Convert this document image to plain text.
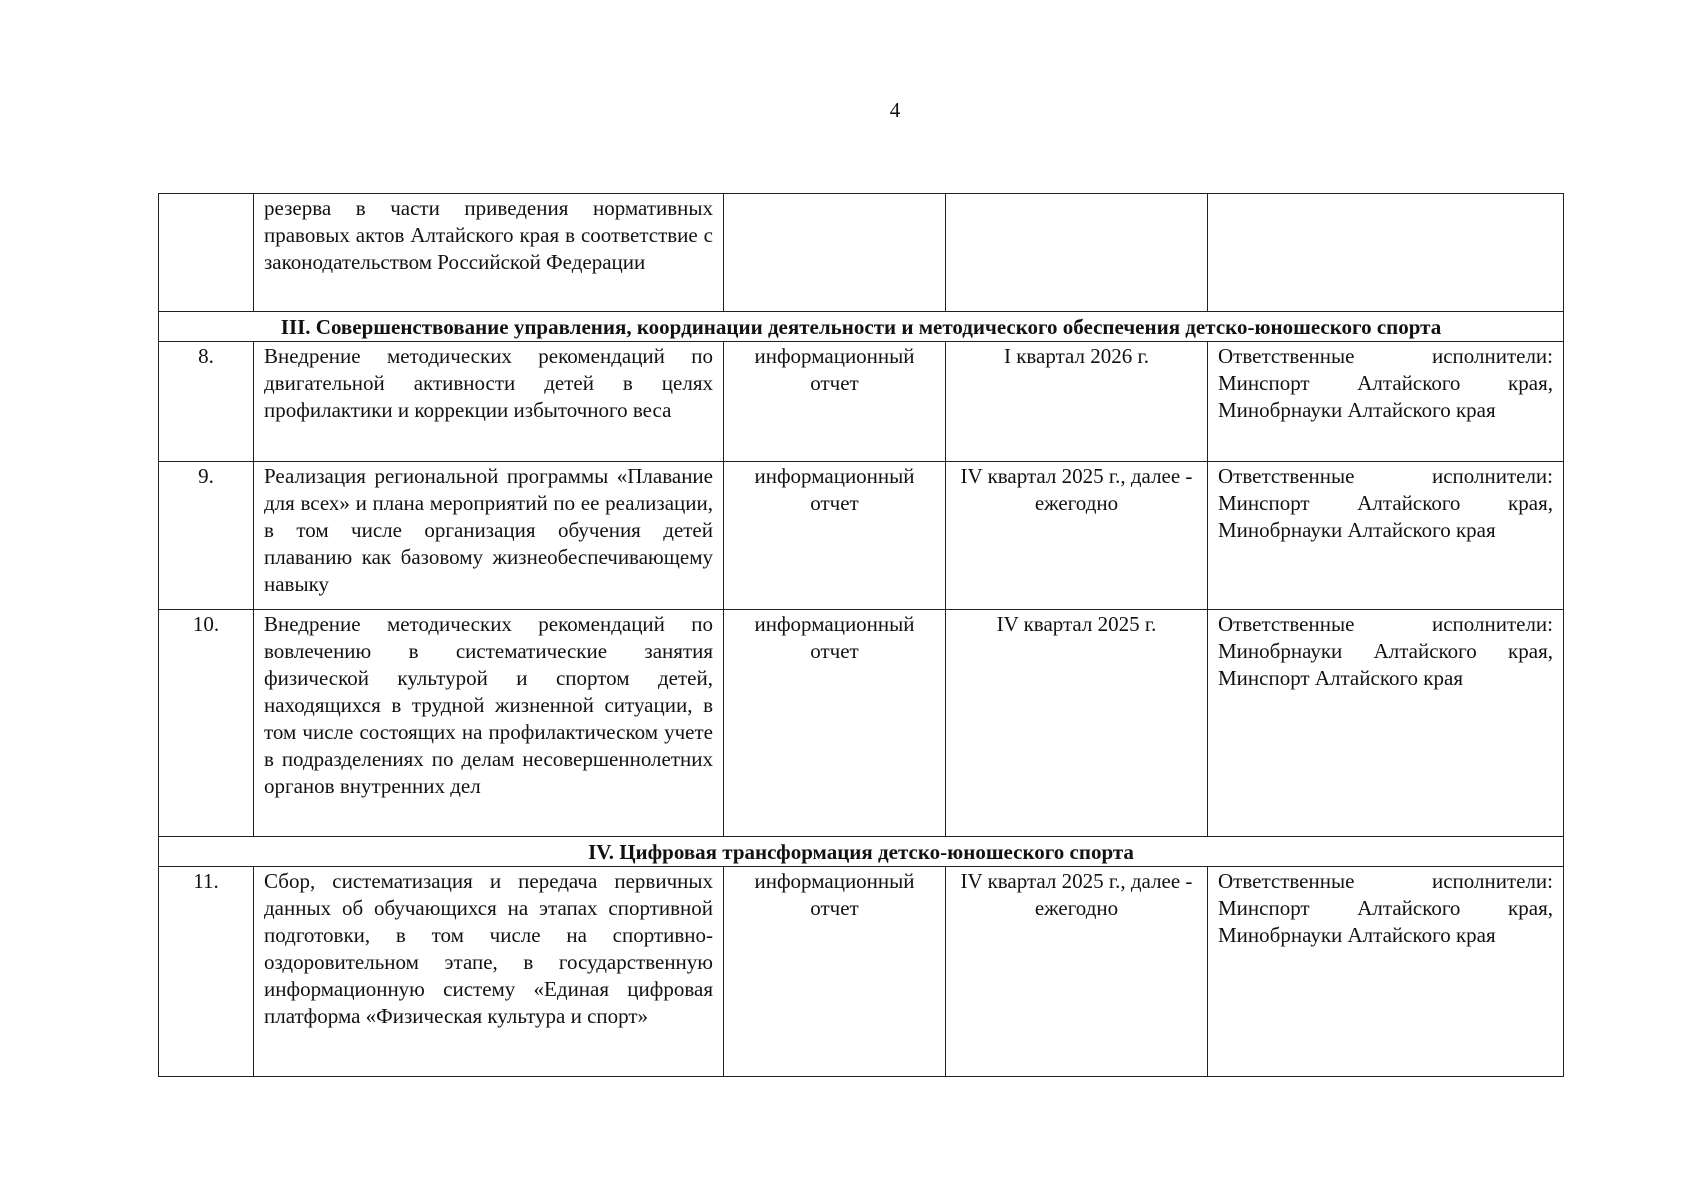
4
	резерва в части приведения нормативных правовых актов Алтайского края в соответствие с законодательством Российской Федерации			
III. Совершенствование управления, координации деятельности и методического обеспечения детско-юношеского спорта				
8.	Внедрение методических рекомендаций по двигательной активности детей в целях профилактики и коррекции избыточного веса	информационный отчет	I квартал 2026 г.	Ответственные исполнители: Минспорт Алтайского края, Минобрнауки Алтайского края
9.	Реализация региональной программы «Плавание для всех» и плана мероприятий по ее реализации, в том числе организация обучения детей плаванию как базовому жизнеобеспечивающему навыку	информационный отчет	IV квартал 2025 г., далее - ежегодно	Ответственные исполнители: Минспорт Алтайского края, Минобрнауки Алтайского края
10.	Внедрение методических рекомендаций по вовлечению в систематические занятия физической культурой и спортом детей, находящихся в трудной жизненной ситуации, в том числе состоящих на профилактическом учете в подразделениях по делам несовершеннолетних органов внутренних дел	информационный отчет	IV квартал 2025 г.	Ответственные исполнители: Минобрнауки Алтайского края, Минспорт Алтайского края
IV. Цифровая трансформация детско-юношеского спорта				
11.	Сбор, систематизация и передача первичных данных об обучающихся на этапах спортивной подготовки, в том числе на спортивно-оздоровительном этапе, в государственную информационную систему «Единая цифровая платформа «Физическая культура и спорт»	информационный отчет	IV квартал 2025 г., далее - ежегодно	Ответственные исполнители: Минспорт Алтайского края, Минобрнауки Алтайского края
